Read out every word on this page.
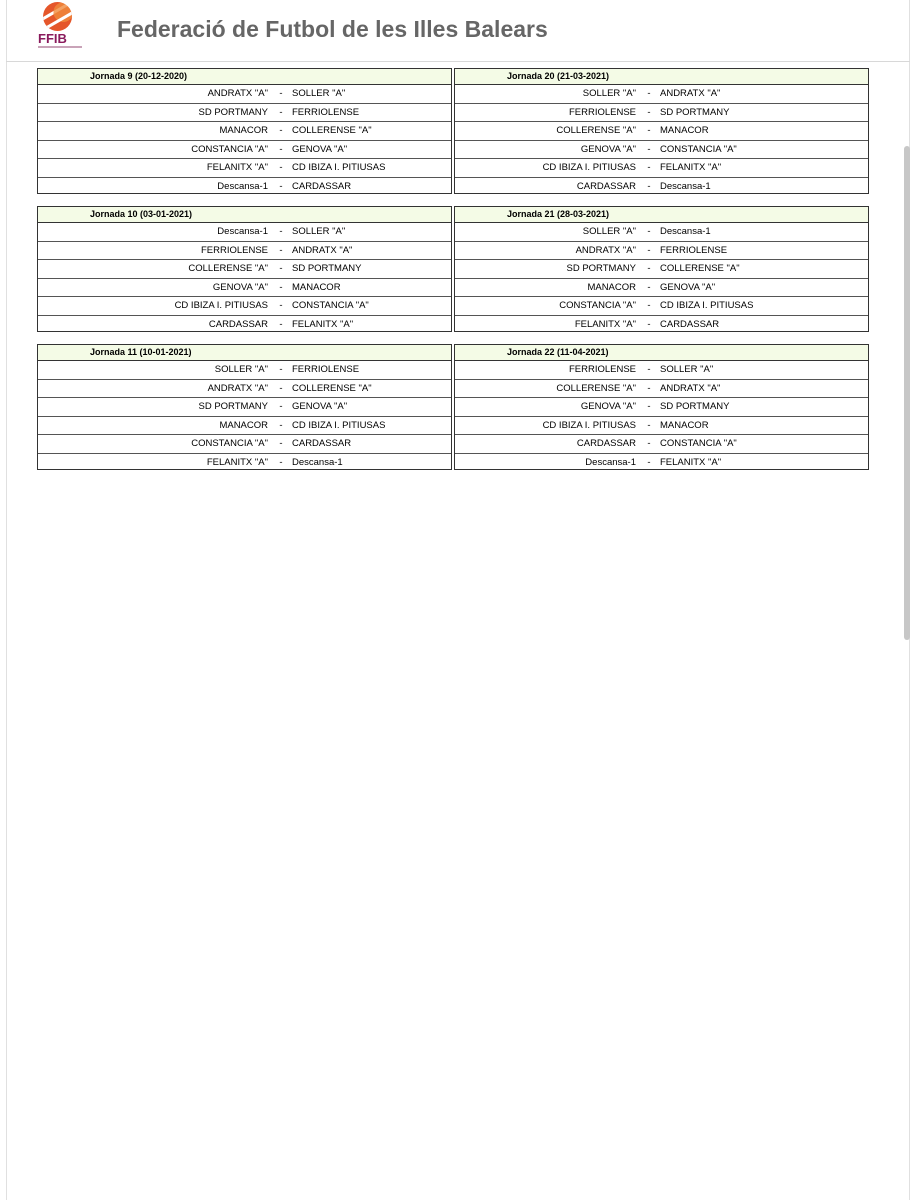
FFIB Federació de Futbol de les Illes Balears
Jornada 9 (20-12-2020)
ANDRATX "A"	- SOLLER "A"
SD PORTMANY	- FERRIOLENSE
MANACOR	- COLLERENSE "A"
CONSTANCIA "A"	- GENOVA "A"
FELANITX "A"	- CD IBIZA I. PITIUSAS
Descansa-1	- CARDASSAR
Jornada 20 (21-03-2021)
SOLLER "A"	- ANDRATX "A"
FERRIOLENSE	- SD PORTMANY
COLLERENSE "A"	- MANACOR
GENOVA "A"	- CONSTANCIA "A"
CD IBIZA I. PITIUSAS	- FELANITX "A"
CARDASSAR	- Descansa-1
Jornada 10 (03-01-2021)
Descansa-1	- SOLLER "A"
FERRIOLENSE	- ANDRATX "A"
COLLERENSE "A"	- SD PORTMANY
GENOVA "A"	- MANACOR
CD IBIZA I. PITIUSAS	- CONSTANCIA "A"
CARDASSAR	- FELANITX "A"
Jornada 21 (28-03-2021)
SOLLER "A"	- Descansa-1
ANDRATX "A"	- FERRIOLENSE
SD PORTMANY	- COLLERENSE "A"
MANACOR	- GENOVA "A"
CONSTANCIA "A"	- CD IBIZA I. PITIUSAS
FELANITX "A"	- CARDASSAR
Jornada 11 (10-01-2021)
SOLLER "A"	- FERRIOLENSE
ANDRATX "A"	- COLLERENSE "A"
SD PORTMANY	- GENOVA "A"
MANACOR	- CD IBIZA I. PITIUSAS
CONSTANCIA "A"	- CARDASSAR
FELANITX "A"	- Descansa-1
Jornada 22 (11-04-2021)
FERRIOLENSE	- SOLLER "A"
COLLERENSE "A"	- ANDRATX "A"
GENOVA "A"	- SD PORTMANY
CD IBIZA I. PITIUSAS	- MANACOR
CARDASSAR	- CONSTANCIA "A"
Descansa-1	- FELANITX "A"
